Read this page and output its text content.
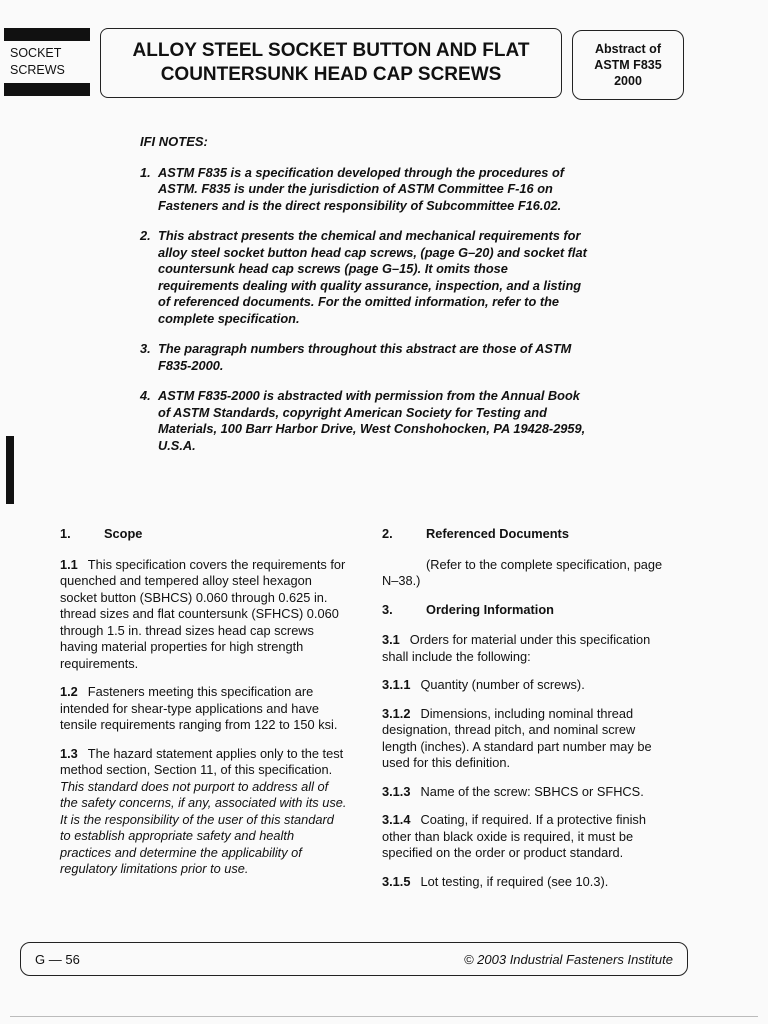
SOCKET
SCREWS
ALLOY STEEL SOCKET BUTTON AND FLAT
COUNTERSUNK HEAD CAP SCREWS
Abstract of
ASTM F835
2000
IFI NOTES:
1. ASTM F835 is a specification developed through the procedures of ASTM. F835 is under the jurisdiction of ASTM Committee F-16 on Fasteners and is the direct responsibility of Subcommittee F16.02.
2. This abstract presents the chemical and mechanical requirements for alloy steel socket button head cap screws, (page G–20) and socket flat countersunk head cap screws (page G–15). It omits those requirements dealing with quality assurance, inspection, and a listing of referenced documents. For the omitted information, refer to the complete specification.
3. The paragraph numbers throughout this abstract are those of ASTM F835-2000.
4. ASTM F835-2000 is abstracted with permission from the Annual Book of ASTM Standards, copyright American Society for Testing and Materials, 100 Barr Harbor Drive, West Conshohocken, PA 19428-2959, U.S.A.
1.	Scope

1.1 This specification covers the requirements for quenched and tempered alloy steel hexagon socket button (SBHCS) 0.060 through 0.625 in. thread sizes and flat countersunk (SFHCS) 0.060 through 1.5 in. thread sizes head cap screws having material properties for high strength requirements.

1.2 Fasteners meeting this specification are intended for shear-type applications and have tensile requirements ranging from 122 to 150 ksi.

1.3 The hazard statement applies only to the test method section, Section 11, of this specification. This standard does not purport to address all of the safety concerns, if any, associated with its use. It is the responsibility of the user of this standard to establish appropriate safety and health practices and determine the applicability of regulatory limitations prior to use.

2.	Referenced Documents

(Refer to the complete specification, page N–38.)

3.	Ordering Information

3.1 Orders for material under this specification shall include the following:

3.1.1 Quantity (number of screws).

3.1.2 Dimensions, including nominal thread designation, thread pitch, and nominal screw length (inches). A standard part number may be used for this definition.

3.1.3 Name of the screw: SBHCS or SFHCS.

3.1.4 Coating, if required. If a protective finish other than black oxide is required, it must be specified on the order or product standard.

3.1.5 Lot testing, if required (see 10.3).

G — 56	© 2003 Industrial Fasteners Institute
